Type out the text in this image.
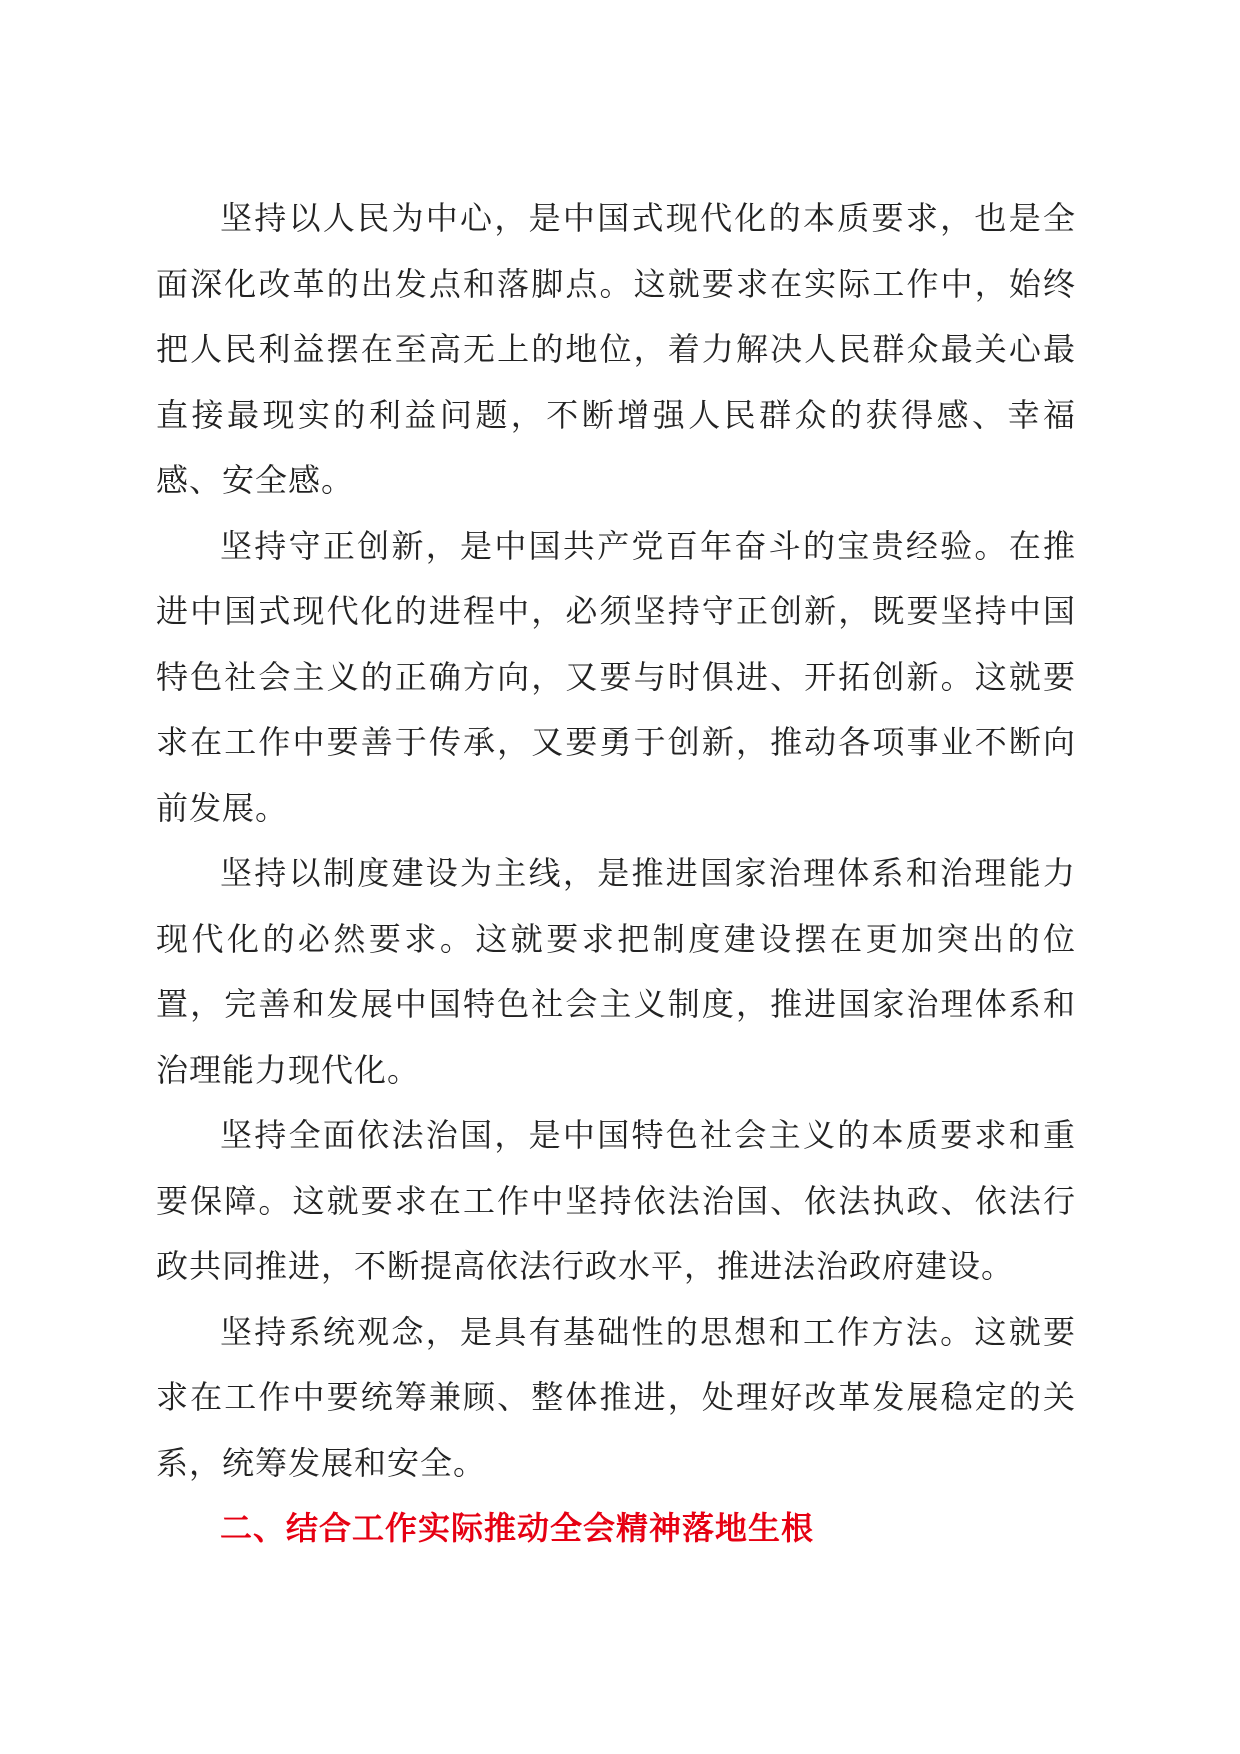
坚持以人民为中心，是中国式现代化的本质要求，也是全面深化改革的出发点和落脚点。这就要求在实际工作中，始终把人民利益摆在至高无上的地位，着力解决人民群众最关心最直接最现实的利益问题，不断增强人民群众的获得感、幸福感、安全感。

坚持守正创新，是中国共产党百年奋斗的宝贵经验。在推进中国式现代化的进程中，必须坚持守正创新，既要坚持中国特色社会主义的正确方向，又要与时俱进、开拓创新。这就要求在工作中要善于传承，又要勇于创新，推动各项事业不断向前发展。

坚持以制度建设为主线，是推进国家治理体系和治理能力现代化的必然要求。这就要求把制度建设摆在更加突出的位置，完善和发展中国特色社会主义制度，推进国家治理体系和治理能力现代化。

坚持全面依法治国，是中国特色社会主义的本质要求和重要保障。这就要求在工作中坚持依法治国、依法执政、依法行政共同推进，不断提高依法行政水平，推进法治政府建设。

坚持系统观念，是具有基础性的思想和工作方法。这就要求在工作中要统筹兼顾、整体推进，处理好改革发展稳定的关系，统筹发展和安全。

二、结合工作实际推动全会精神落地生根
